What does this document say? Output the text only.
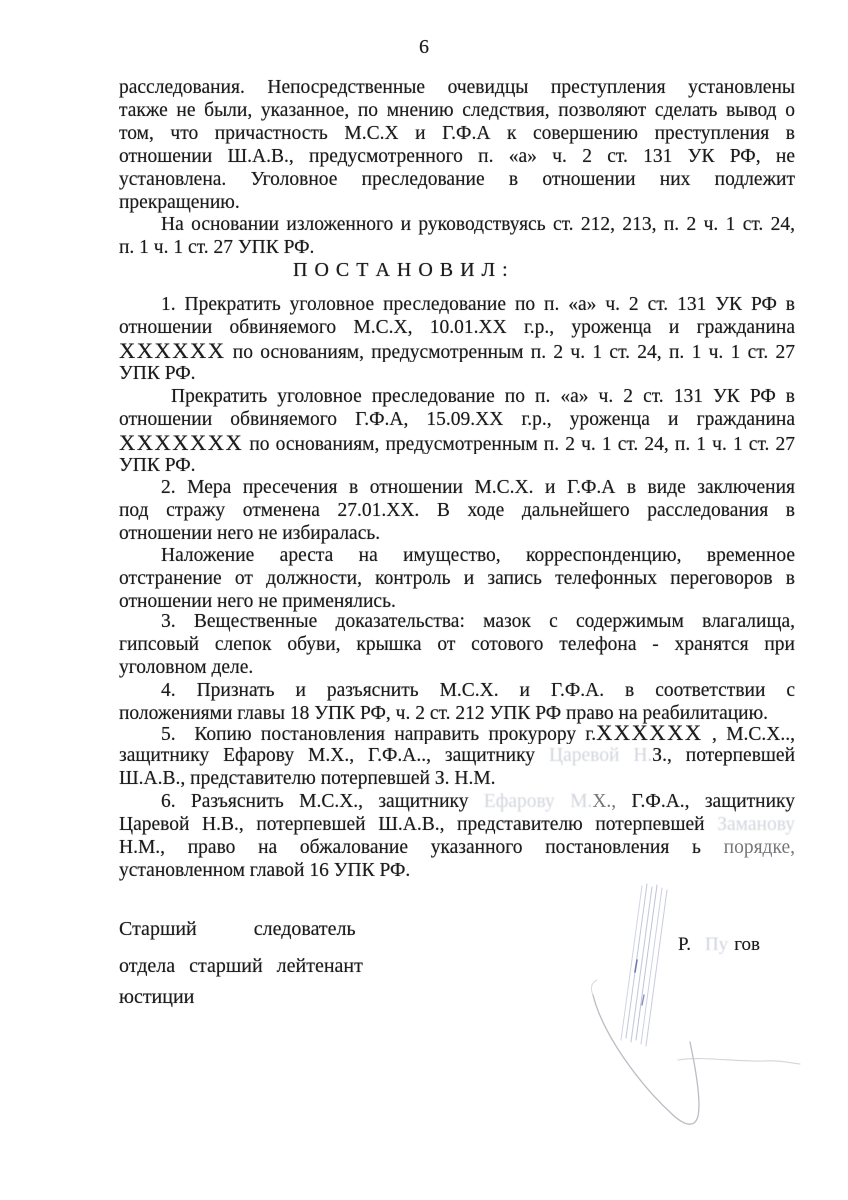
6
расследования. Непосредственные очевидцы преступления установлены
также не были, указанное, по мнению следствия, позволяют сделать вывод о
том, что причастность М.С.Х и Г.Ф.А к совершению преступления в
отношении Ш.А.В., предусмотренного п. «а» ч. 2 ст. 131 УК РФ, не
установлена. Уголовное преследование в отношении них подлежит
прекращению.
На основании изложенного и руководствуясь ст. 212, 213, п. 2 ч. 1 ст. 24,
п. 1 ч. 1 ст. 27 УПК РФ.
1. Прекратить уголовное преследование по п. «а» ч. 2 ст. 131 УК РФ в
отношении обвиняемого М.С.Х, 10.01.XX г.р., уроженца и гражданина
XXXXXX по основаниям, предусмотренным п. 2 ч. 1 ст. 24, п. 1 ч. 1 ст. 27
УПК РФ.
Прекратить уголовное преследование по п. «а» ч. 2 ст. 131 УК РФ в
отношении обвиняемого Г.Ф.А, 15.09.XX г.р., уроженца и гражданина
XXXXXXX по основаниям, предусмотренным п. 2 ч. 1 ст. 24, п. 1 ч. 1 ст. 27
УПК РФ.
2. Мера пресечения в отношении М.С.Х. и Г.Ф.А в виде заключения
под стражу отменена 27.01.XX. В ходе дальнейшего расследования в
отношении него не избиралась.
Наложение ареста на имущество, корреспонденцию, временное
отстранение от должности, контроль и запись телефонных переговоров в
отношении него не применялись.
3. Вещественные доказательства: мазок с содержимым влагалища,
гипсовый слепок обуви, крышка от сотового телефона - хранятся при
уголовном деле.
4. Признать и разъяснить М.С.Х. и Г.Ф.А. в соответствии с
положениями главы 18 УПК РФ, ч. 2 ст. 212 УПК РФ право на реабилитацию.
5.  Копию постановления направить прокурору г.XXXXXX , М.С.Х..,
защитнику Ефарову М.Х., Г.Ф.А.., защитнику Царевой Н.З., потерпевшей
Ш.А.В., представителю потерпевшей З. Н.М.
6. Разъяснить М.С.Х., защитнику Ефарову М.Х., Г.Ф.А., защитнику
Царевой Н.В., потерпевшей Ш.А.В., представителю потерпевшей Заманову
Н.М., право на обжалование указанного постановления ь порядке,
установленном главой 16 УПК РФ.
П О С Т А Н О В И Л :
Р. Пу гов
Старший следователь
отдела старший лейтенант
юстиции
